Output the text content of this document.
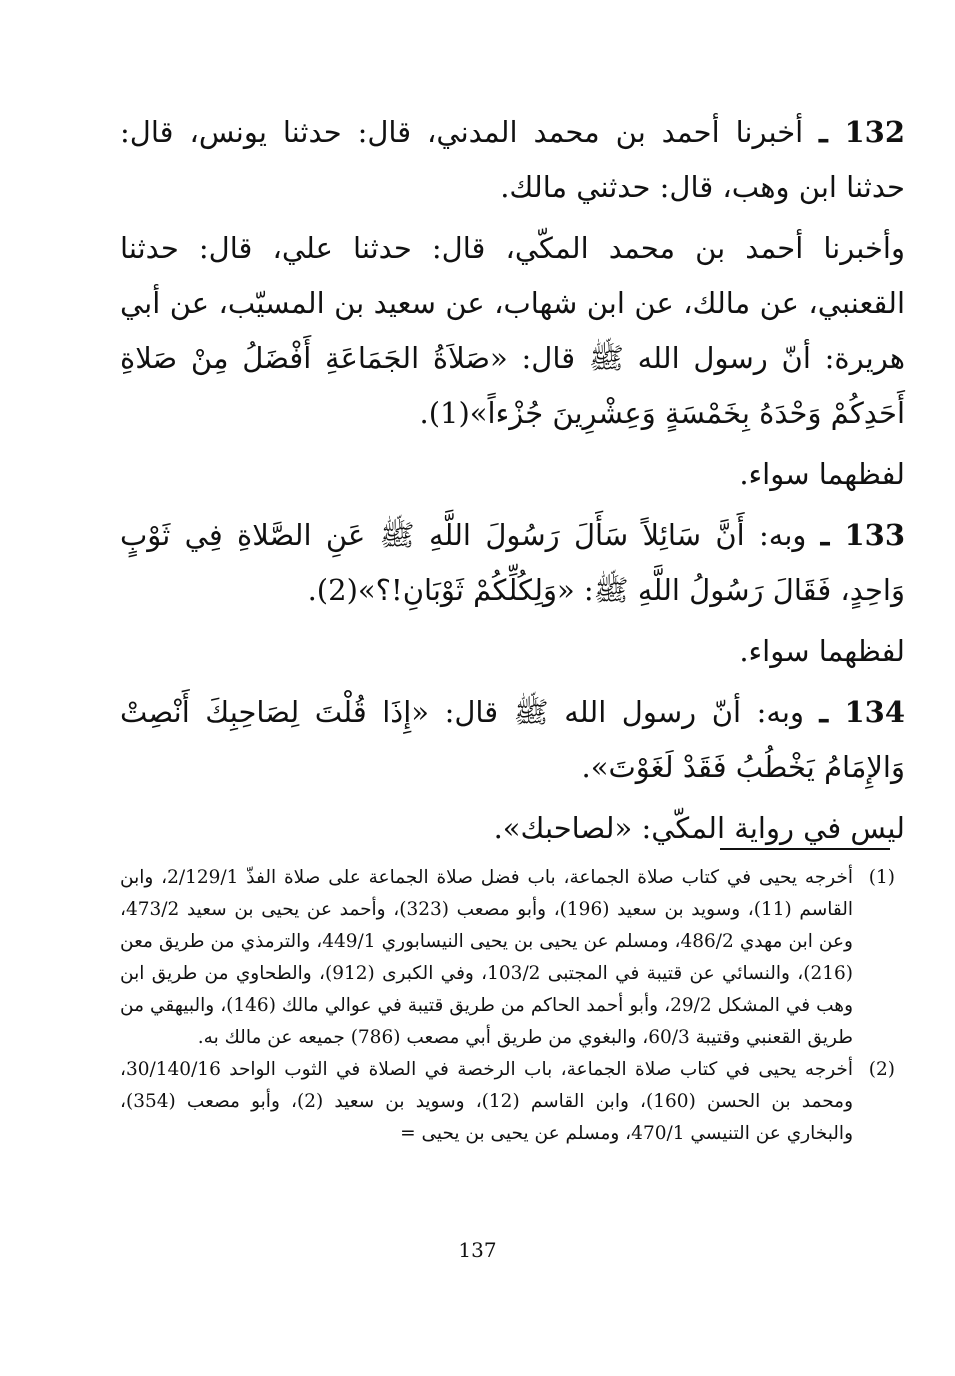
132 ـ أخبرنا أحمد بن محمد المدني، قال: حدثنا يونس، قال: حدثنا ابن وهب، قال: حدثني مالك.

وأخبرنا أحمد بن محمد المكّي، قال: حدثنا علي، قال: حدثنا القعنبي، عن مالك، عن ابن شهاب، عن سعيد بن المسيّب، عن أبي هريرة: أنّ رسول الله ﷺ قال: «صَلاَةُ الجَمَاعَةِ أَفْضَلُ مِنْ صَلاةِ أَحَدِكُمْ وَحْدَهُ بِخَمْسَةٍ وَعِشْرِينَ جُزْءاً»(1).

لفظهما سواء.

133 ـ وبه: أَنَّ سَائِلاً سَأَلَ رَسُولَ اللَّهِ ﷺ عَنِ الصَّلاةِ فِي ثَوْبٍ وَاحِدٍ، فَقَالَ رَسُولُ اللَّهِ ﷺ: «وَلِكُلِّكُمْ ثَوْبَانِ!؟»(2).

لفظهما سواء.

134 ـ وبه: أنّ رسول الله ﷺ قال: «إِذَا قُلْتَ لِصَاحِبِكَ أَنْصِتْ وَالإِمَامُ يَخْطُبُ فَقَدْ لَغَوْتَ».

ليس في رواية المكّي: «لصاحبك».

(1)
أخرجه يحيى في كتاب صلاة الجماعة، باب فضل صلاة الجماعة على صلاة الفذّ 2/129/1، وابن القاسم (11)، وسويد بن سعيد (196)، وأبو مصعب (323)، وأحمد عن يحيى بن سعيد 473/2، وعن ابن مهدي 486/2، ومسلم عن يحيى بن يحيى النيسابوري 449/1، والترمذي من طريق معن (216)، والنسائي عن قتيبة في المجتبى 103/2، وفي الكبرى (912)، والطحاوي من طريق ابن وهب في المشكل 29/2، وأبو أحمد الحاكم من طريق قتيبة في عوالي مالك (146)، والبيهقي من طريق القعنبي وقتيبة 60/3، والبغوي من طريق أبي مصعب (786) جميعه عن مالك به.
(2)
أخرجه يحيى في كتاب صلاة الجماعة، باب الرخصة في الصلاة في الثوب الواحد 30/140/16، ومحمد بن الحسن (160)، وابن القاسم (12)، وسويد بن سعيد (2)، وأبو مصعب (354)، والبخاري عن التنيسي 470/1، ومسلم عن يحيى بن يحيى =
137
